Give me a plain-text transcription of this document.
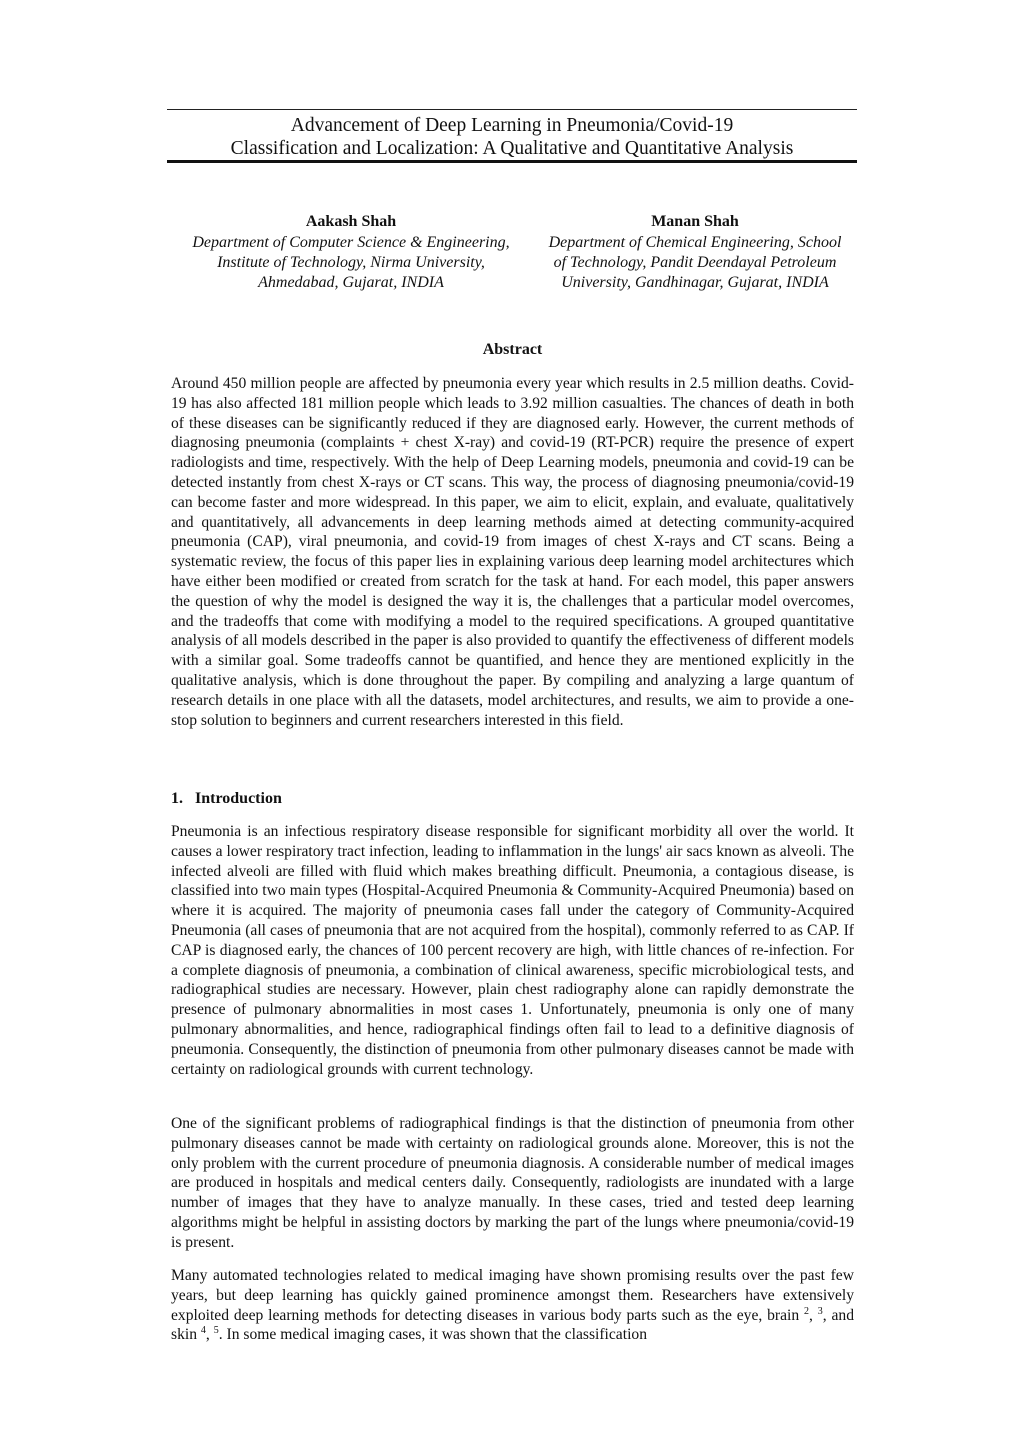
Advancement of Deep Learning in Pneumonia/Covid-19
Classification and Localization: A Qualitative and Quantitative Analysis
Aakash Shah
Department of Computer Science & Engineering,
Institute of Technology, Nirma University,
Ahmedabad, Gujarat, INDIA
Manan Shah
Department of Chemical Engineering, School
of Technology, Pandit Deendayal Petroleum
University, Gandhinagar, Gujarat, INDIA
Abstract

Around 450 million people are affected by pneumonia every year which results in 2.5 million deaths. Covid-19 has also affected 181 million people which leads to 3.92 million casualties. The chances of death in both of these diseases can be significantly reduced if they are diagnosed early. However, the current methods of diagnosing pneumonia (complaints + chest X-ray) and covid-19 (RT-PCR) require the presence of expert radiologists and time, respectively. With the help of Deep Learning models, pneumonia and covid-19 can be detected instantly from chest X-rays or CT scans. This way, the process of diagnosing pneumonia/covid-19 can become faster and more widespread. In this paper, we aim to elicit, explain, and evaluate, qualitatively and quantitatively, all advancements in deep learning methods aimed at detecting community-acquired pneumonia (CAP), viral pneumonia, and covid-19 from images of chest X-rays and CT scans. Being a systematic review, the focus of this paper lies in explaining various deep learning model architectures which have either been modified or created from scratch for the task at hand. For each model, this paper answers the question of why the model is designed the way it is, the challenges that a particular model overcomes, and the tradeoffs that come with modifying a model to the required specifications. A grouped quantitative analysis of all models described in the paper is also provided to quantify the effectiveness of different models with a similar goal. Some tradeoffs cannot be quantified, and hence they are mentioned explicitly in the qualitative analysis, which is done throughout the paper. By compiling and analyzing a large quantum of research details in one place with all the datasets, model architectures, and results, we aim to provide a one-stop solution to beginners and current researchers interested in this field.

1. Introduction

Pneumonia is an infectious respiratory disease responsible for significant morbidity all over the world. It causes a lower respiratory tract infection, leading to inflammation in the lungs' air sacs known as alveoli. The infected alveoli are filled with fluid which makes breathing difficult. Pneumonia, a contagious disease, is classified into two main types (Hospital-Acquired Pneumonia & Community-Acquired Pneumonia) based on where it is acquired. The majority of pneumonia cases fall under the category of Community-Acquired Pneumonia (all cases of pneumonia that are not acquired from the hospital), commonly referred to as CAP. If CAP is diagnosed early, the chances of 100 percent recovery are high, with little chances of re-infection. For a complete diagnosis of pneumonia, a combination of clinical awareness, specific microbiological tests, and radiographical studies are necessary. However, plain chest radiography alone can rapidly demonstrate the presence of pulmonary abnormalities in most cases 1. Unfortunately, pneumonia is only one of many pulmonary abnormalities, and hence, radiographical findings often fail to lead to a definitive diagnosis of pneumonia. Consequently, the distinction of pneumonia from other pulmonary diseases cannot be made with certainty on radiological grounds with current technology.

One of the significant problems of radiographical findings is that the distinction of pneumonia from other pulmonary diseases cannot be made with certainty on radiological grounds alone. Moreover, this is not the only problem with the current procedure of pneumonia diagnosis. A considerable number of medical images are produced in hospitals and medical centers daily. Consequently, radiologists are inundated with a large number of images that they have to analyze manually. In these cases, tried and tested deep learning algorithms might be helpful in assisting doctors by marking the part of the lungs where pneumonia/covid-19 is present.

Many automated technologies related to medical imaging have shown promising results over the past few years, but deep learning has quickly gained prominence amongst them. Researchers have extensively exploited deep learning methods for detecting diseases in various body parts such as the eye, brain $^2$, $^3$, and skin $^4$, $^5$. In some medical imaging cases, it was shown that the classification
